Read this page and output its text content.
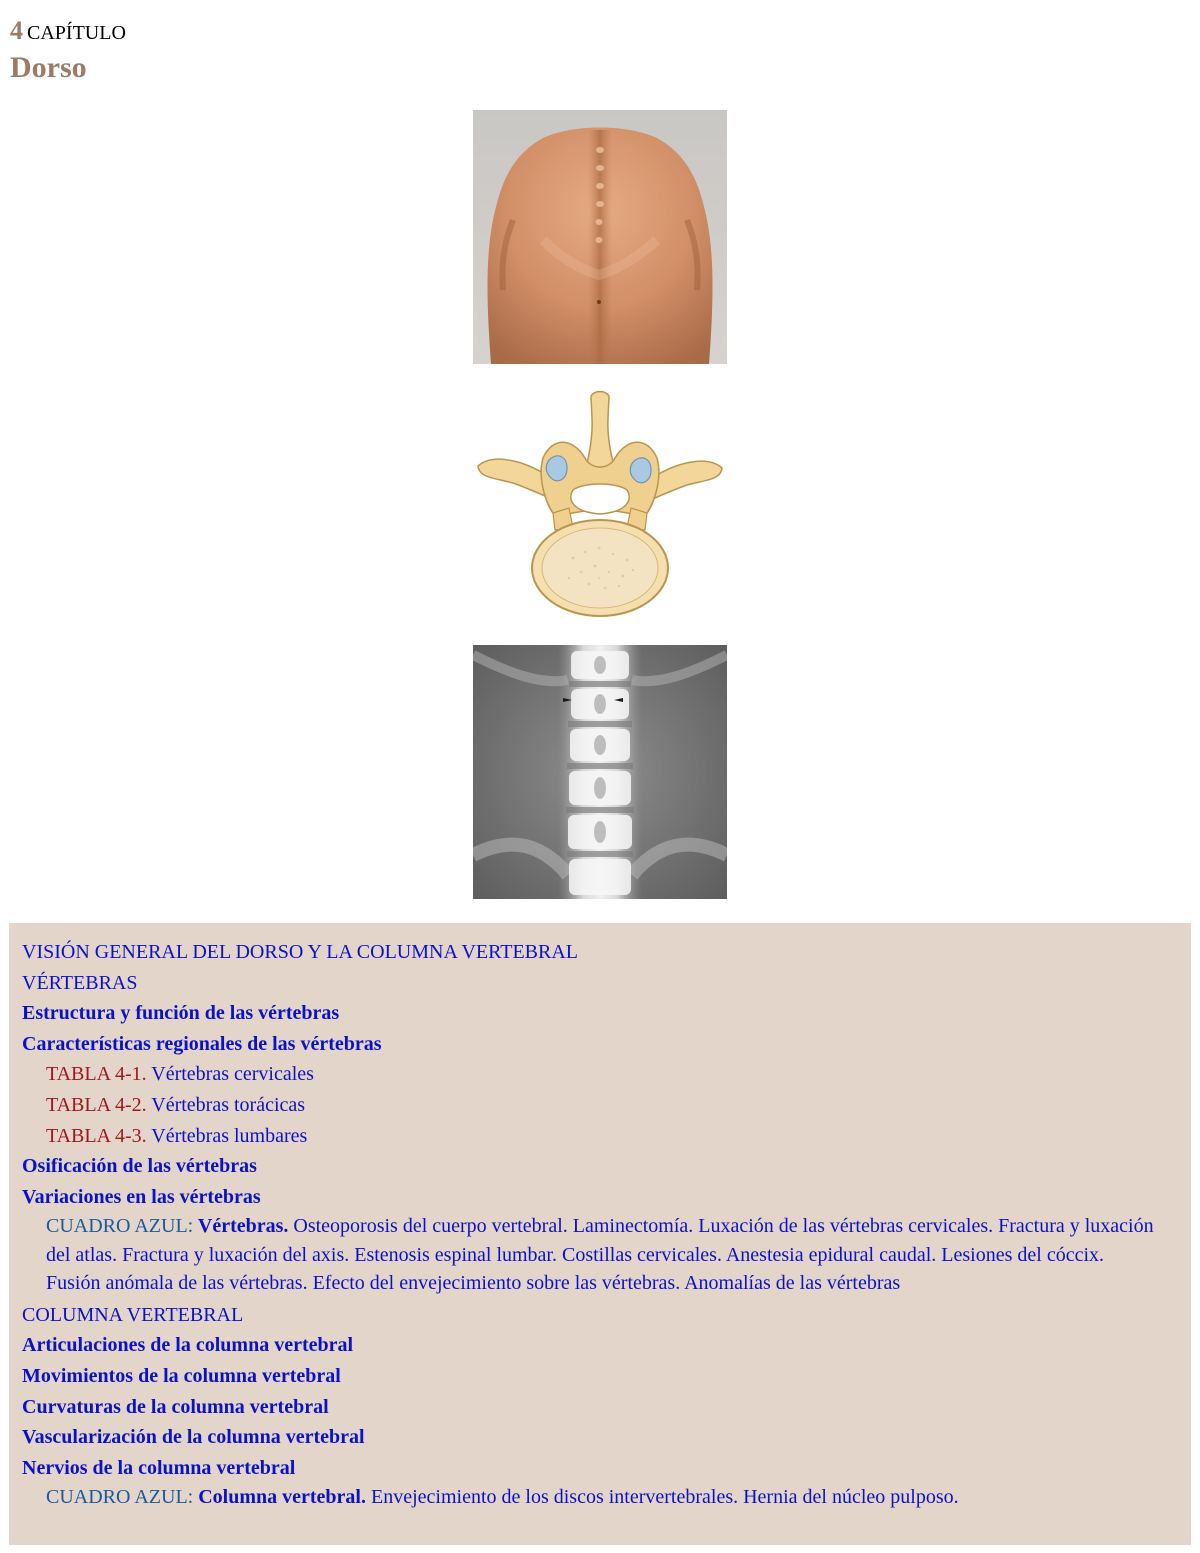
4 CAPÍTULO
Dorso
VISIÓN GENERAL DEL DORSO Y LA COLUMNA VERTEBRAL
VÉRTEBRAS
Estructura y función de las vértebras
Características regionales de las vértebras
TABLA 4-1. Vértebras cervicales
TABLA 4-2. Vértebras torácicas
TABLA 4-3. Vértebras lumbares
Osificación de las vértebras
Variaciones en las vértebras
CUADRO AZUL: Vértebras. Osteoporosis del cuerpo vertebral. Laminectomía. Luxación de las vértebras cervicales. Fractura y luxación del atlas. Fractura y luxación del axis. Estenosis espinal lumbar. Costillas cervicales. Anestesia epidural caudal. Lesiones del cóccix. Fusión anómala de las vértebras. Efecto del envejecimiento sobre las vértebras. Anomalías de las vértebras
COLUMNA VERTEBRAL
Articulaciones de la columna vertebral
Movimientos de la columna vertebral
Curvaturas de la columna vertebral
Vascularización de la columna vertebral
Nervios de la columna vertebral
CUADRO AZUL: Columna vertebral. Envejecimiento de los discos intervertebrales. Hernia del núcleo pulposo.
